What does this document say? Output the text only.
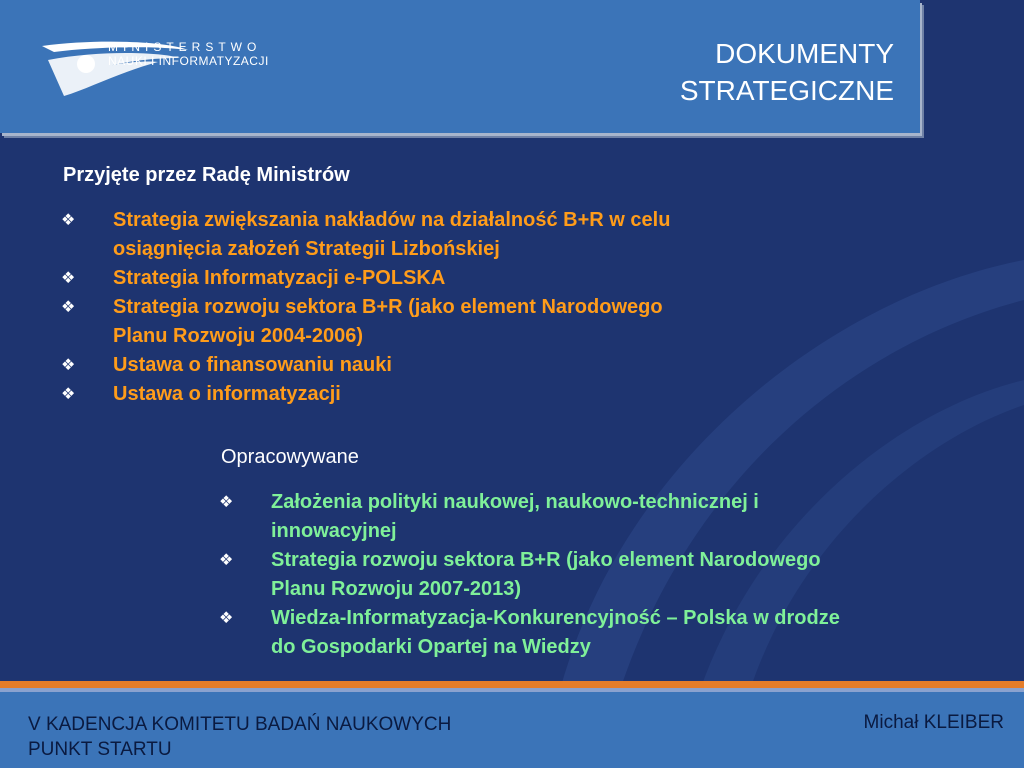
MINISTERSTWO
NAUKI I INFORMATYZACJI	DOKUMENTY
STRATEGICZNE
Przyjęte przez Radę Ministrów
❖ Strategia zwiększania nakładów na działalność B+R w celu
osiągnięcia założeń Strategii Lizbońskiej
❖ Strategia Informatyzacji e-POLSKA
❖ Strategia rozwoju sektora B+R (jako element Narodowego
Planu Rozwoju 2004-2006)
❖ Ustawa o finansowaniu nauki
❖ Ustawa o informatyzacji
Opracowywane
❖ Założenia polityki naukowej, naukowo-technicznej i
innowacyjnej
❖ Strategia rozwoju sektora B+R (jako element Narodowego
Planu Rozwoju 2007-2013)
❖ Wiedza-Informatyzacja-Konkurencyjność – Polska w drodze
do Gospodarki Opartej na Wiedzy
V KADENCJA KOMITETU BADAŃ NAUKOWYCH
PUNKT STARTU
Michał KLEIBER
